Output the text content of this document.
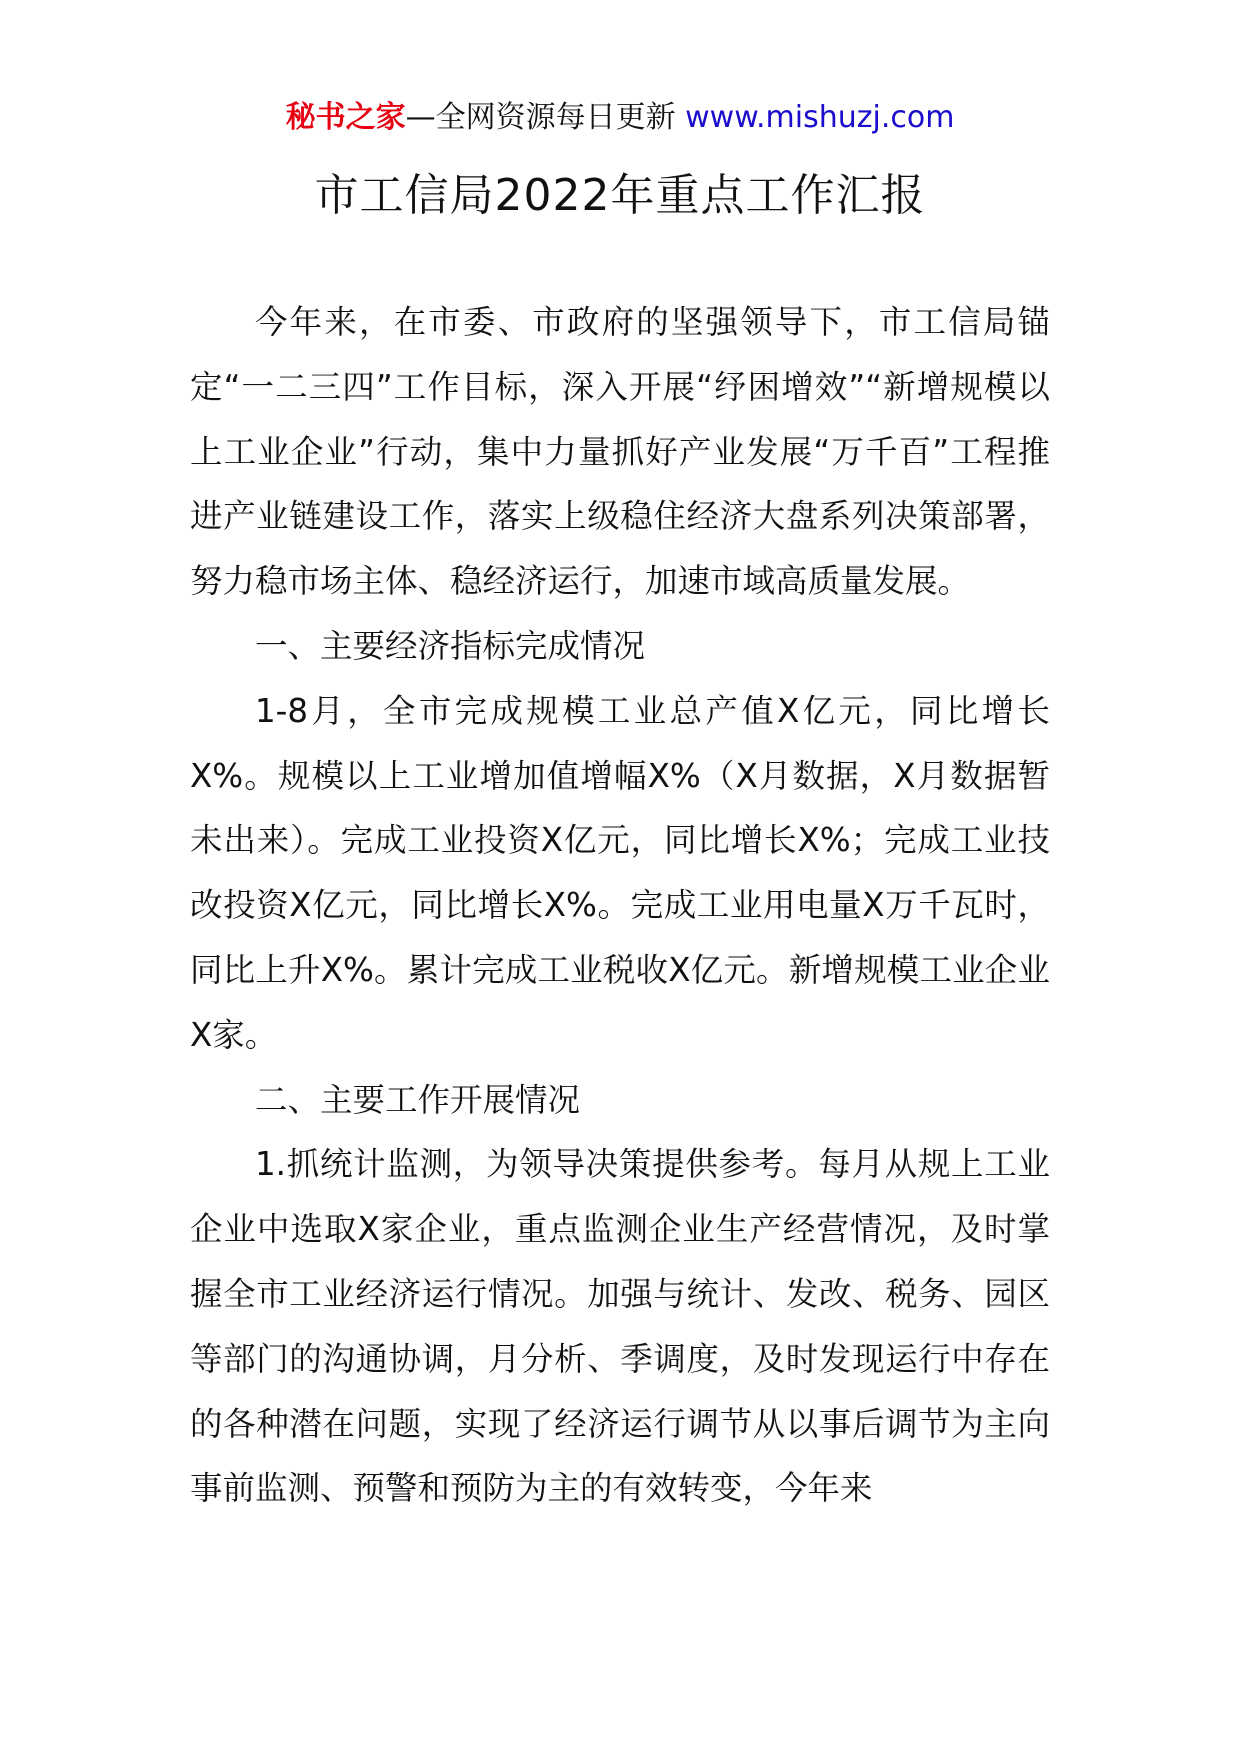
秘书之家—全网资源每日更新 www.mishuzj.com
市工信局2022年重点工作汇报

今年来，在市委、市政府的坚强领导下，市工信局锚定“一二三四”工作目标，深入开展“纾困增效”“新增规模以上工业企业”行动，集中力量抓好产业发展“万千百”工程推进产业链建设工作，落实上级稳住经济大盘系列决策部署，努力稳市场主体、稳经济运行，加速市域高质量发展。

一、主要经济指标完成情况

1-8月，全市完成规模工业总产值X亿元，同比增长X%。规模以上工业增加值增幅X%（X月数据，X月数据暂未出来）。完成工业投资X亿元，同比增长X%；完成工业技改投资X亿元，同比增长X%。完成工业用电量X万千瓦时，同比上升X%。累计完成工业税收X亿元。新增规模工业企业X家。

二、主要工作开展情况

1.抓统计监测，为领导决策提供参考。每月从规上工业企业中选取X家企业，重点监测企业生产经营情况，及时掌握全市工业经济运行情况。加强与统计、发改、税务、园区等部门的沟通协调，月分析、季调度，及时发现运行中存在的各种潜在问题，实现了经济运行调节从以事后调节为主向事前监测、预警和预防为主的有效转变，今年来
